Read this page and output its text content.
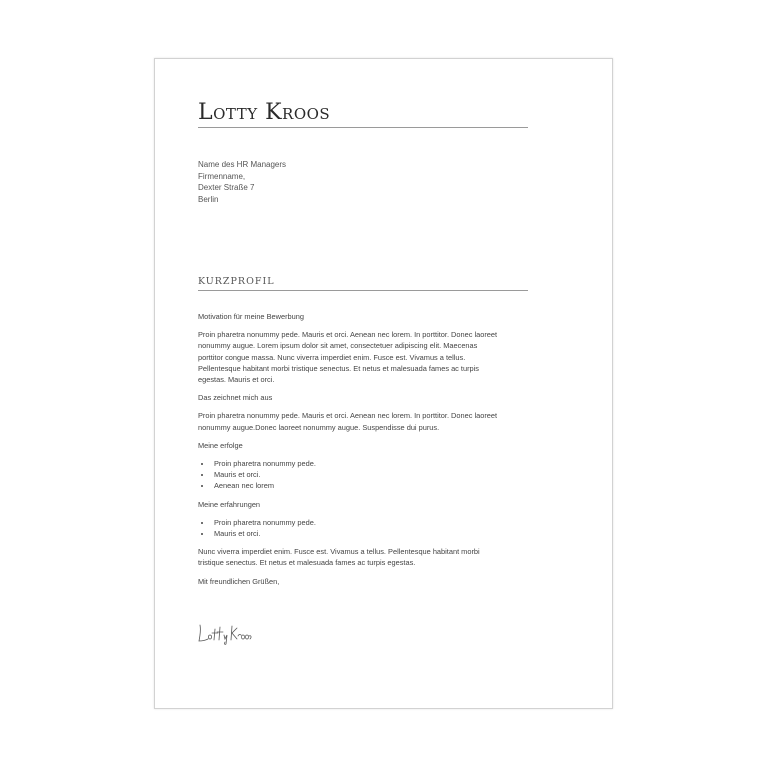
Lotty Kroos
Name des HR Managers
Firmenname,
Dexter Straße 7
Berlin
KURZPROFIL

Motivation für meine Bewerbung

Proin pharetra nonummy pede. Mauris et orci. Aenean nec lorem. In porttitor. Donec laoreet nonummy augue. Lorem ipsum dolor sit amet, consectetuer adipiscing elit. Maecenas porttitor congue massa. Nunc viverra imperdiet enim. Fusce est. Vivamus a tellus. Pellentesque habitant morbi tristique senectus. Et netus et malesuada fames ac turpis egestas. Mauris et orci.

Das zeichnet mich aus

Proin pharetra nonummy pede. Mauris et orci. Aenean nec lorem. In porttitor. Donec laoreet nonummy augue.Donec laoreet nonummy augue. Suspendisse dui purus.

Meine erfolge

• Proin pharetra nonummy pede.
• Mauris et orci.
• Aenean nec lorem

Meine erfahrungen

• Proin pharetra nonummy pede.
• Mauris et orci.

Nunc viverra imperdiet enim. Fusce est. Vivamus a tellus. Pellentesque habitant morbi tristique senectus. Et netus et malesuada fames ac turpis egestas.

Mit freundlichen Grüßen,
